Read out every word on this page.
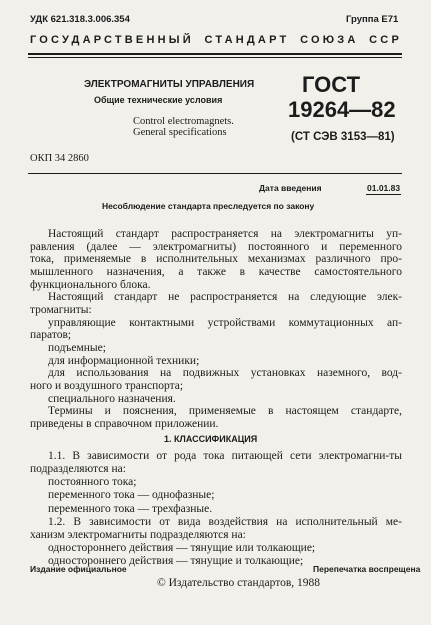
УДК 621.318.3.006.354	Группа Е71
ГОСУДАРСТВЕННЫЙ СТАНДАРТ СОЮЗА ССР
ЭЛЕКТРОМАГНИТЫ УПРАВЛЕНИЯ
Общие технические условия
Control electromagnets.
General specifications
ГОСТ
19264—82
(СТ СЭВ 3153—81)
ОКП 34 2860
Дата введения	01.01.83
Несоблюдение стандарта преследуется по закону
1. КЛАССИФИКАЦИЯ
Издание официальное	Перепечатка воспрещена
© Издательство стандартов, 1988
Настоящий стандарт распространяется на электромагниты уп-
равления (далее — электромагниты) постоянного и переменного
тока, применяемые в исполнительных механизмах различного про-
мышленного назначения, а также в качестве самостоятельного
функционального блока.
Настоящий стандарт не распространяется на следующие элек-
тромагниты:
управляющие контактными устройствами коммутационных ап-
паратов;
подъемные;
для информационной техники;
для использования на подвижных установках наземного, вод-
ного и воздушного транспорта;
специального назначения.
Термины и пояснения, применяемые в настоящем стандарте,
приведены в справочном приложении.
1.1. В зависимости от рода тока питающей сети электромагни-ты
подразделяются на:
постоянного тока;
переменного тока — однофазные;
переменного тока — трехфазные.
1.2. В зависимости от вида воздействия на исполнительный ме-
ханизм электромагниты подразделяются на:
одностороннего действия — тянущие или толкающие;
одностороннего действия — тянущие и толкающие;
